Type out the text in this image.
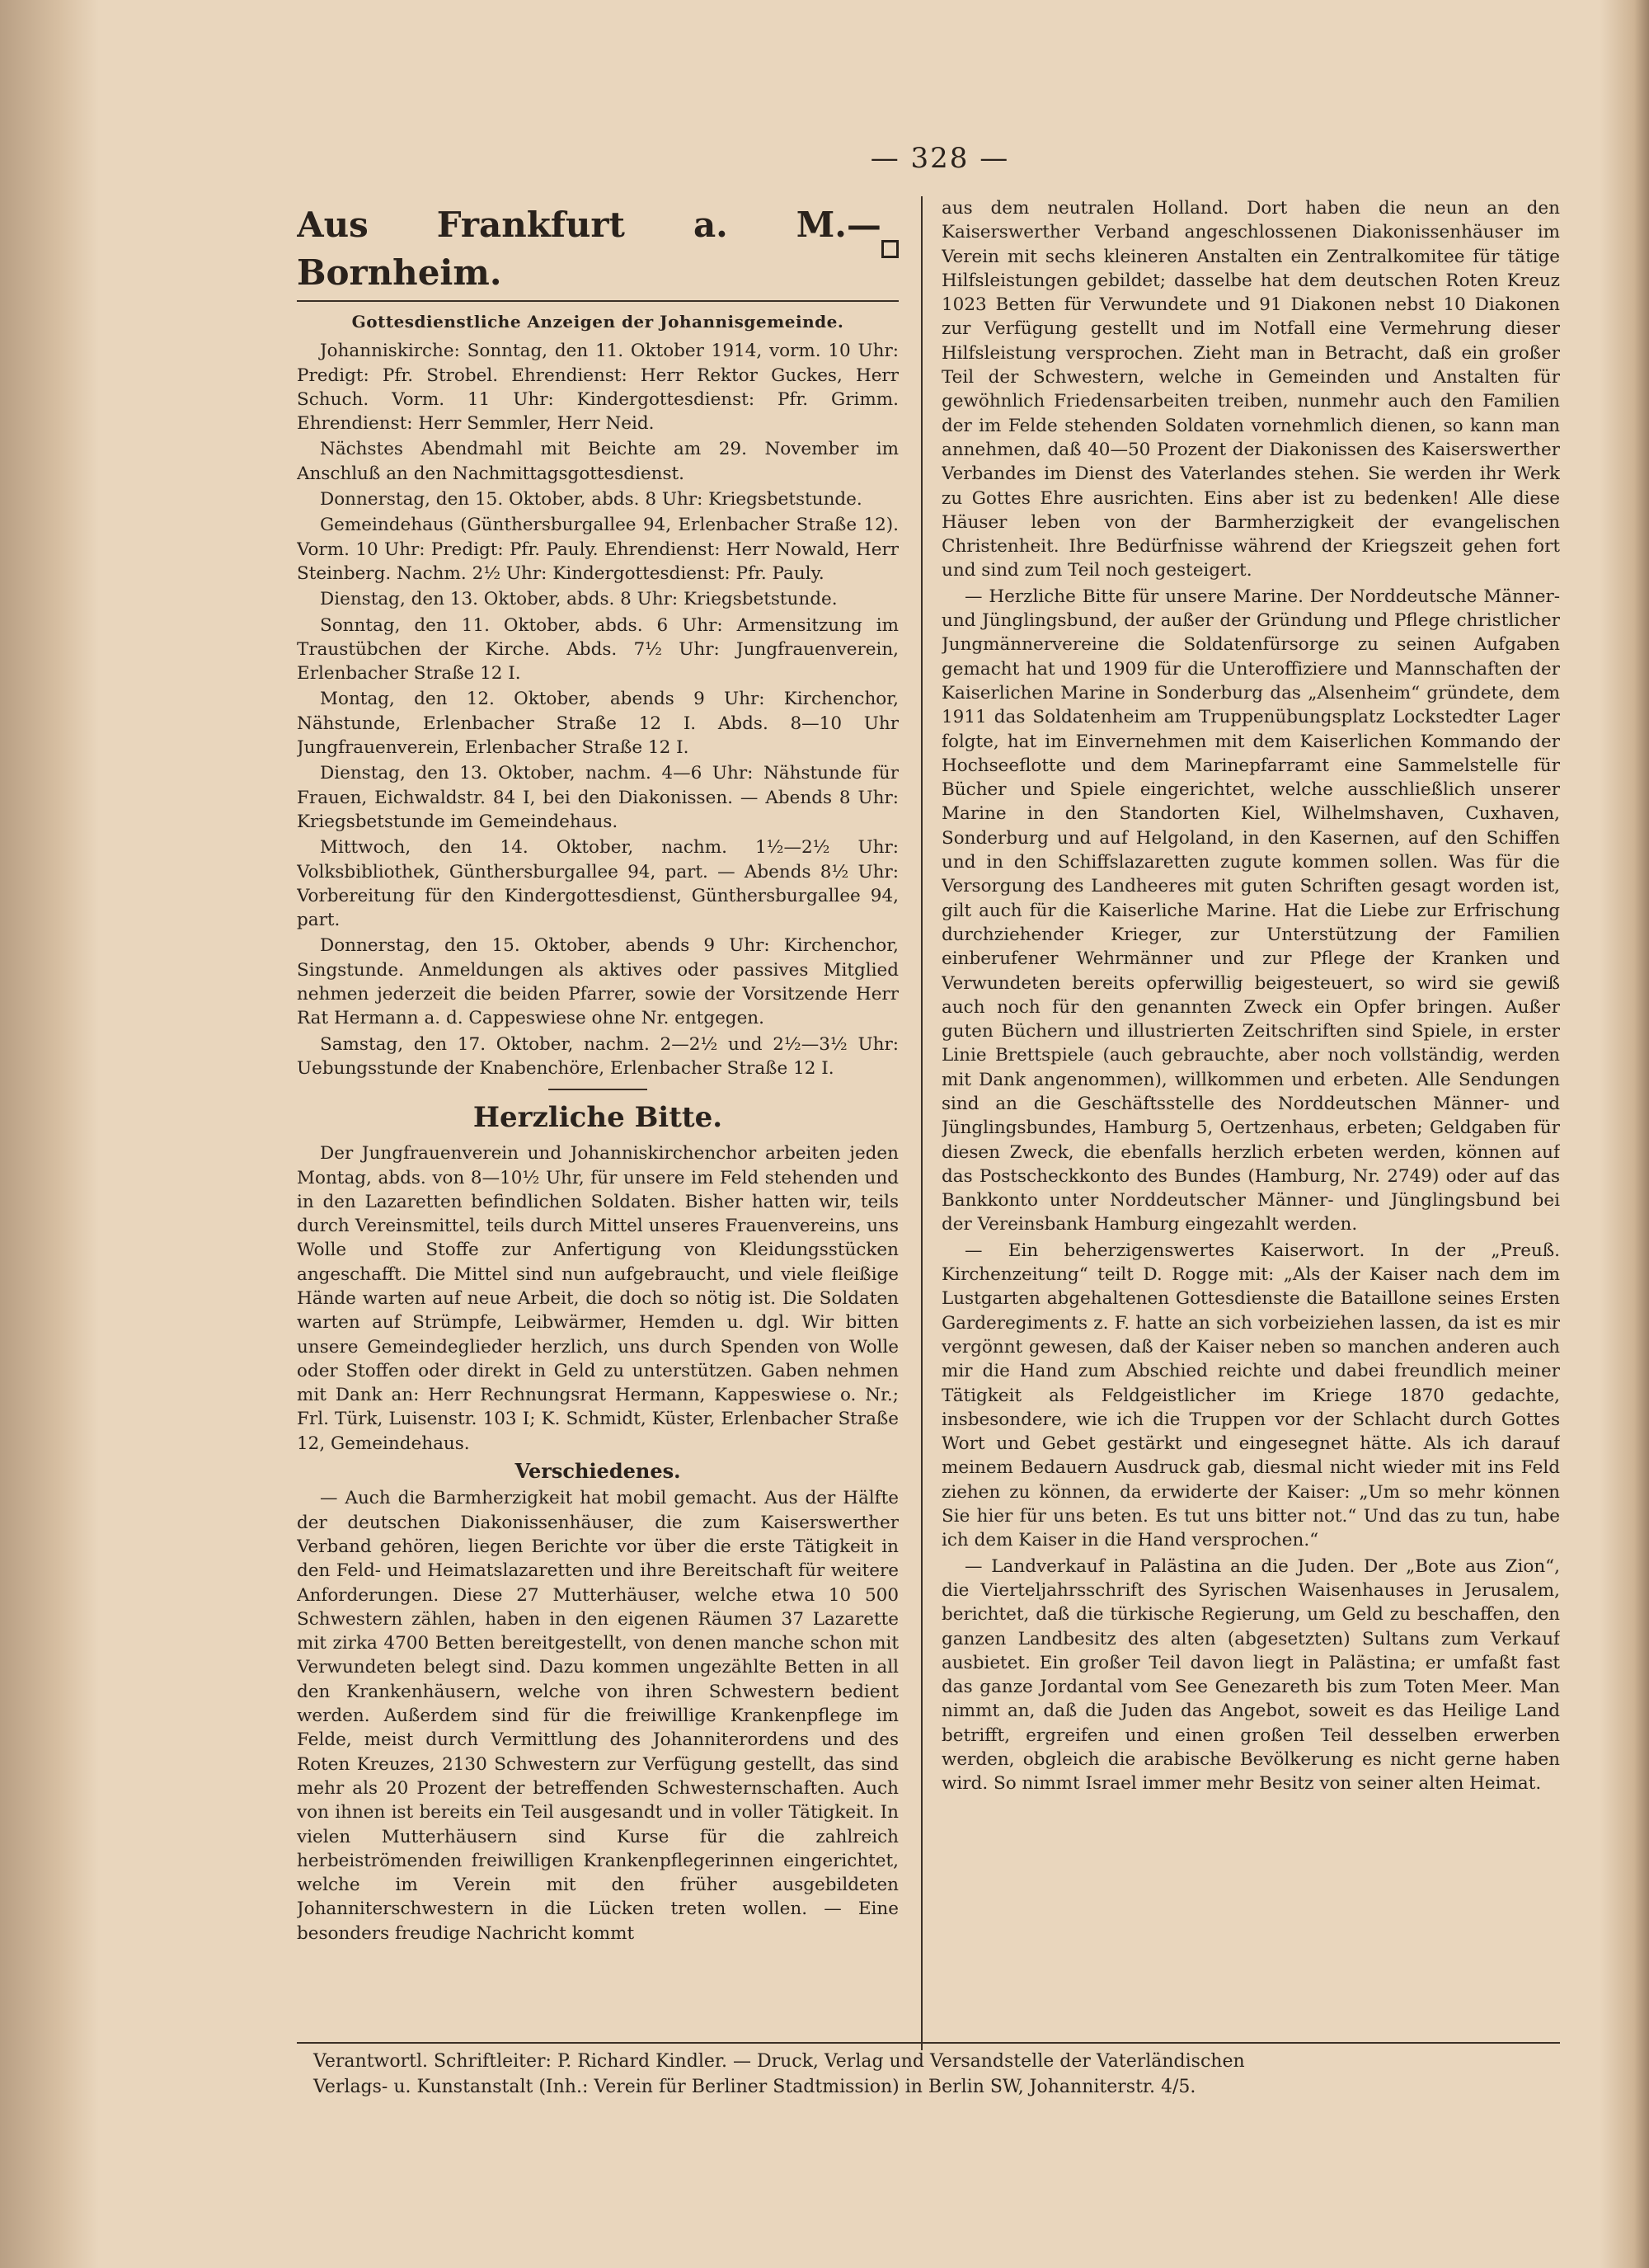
— 328 —
Aus Frankfurt a. M.—Bornheim.
Gottesdienstliche Anzeigen der Johannisgemeinde.

Johanniskirche: Sonntag, den 11. Oktober 1914, vorm. 10 Uhr: Predigt: Pfr. Strobel. Ehrendienst: Herr Rektor Guckes, Herr Schuch. Vorm. 11 Uhr: Kindergottesdienst: Pfr. Grimm. Ehrendienst: Herr Semmler, Herr Neid.

Nächstes Abendmahl mit Beichte am 29. November im Anschluß an den Nachmittagsgottesdienst.

Donnerstag, den 15. Oktober, abds. 8 Uhr: Kriegsbetstunde.

Gemeindehaus (Günthersburgallee 94, Erlenbacher Straße 12). Vorm. 10 Uhr: Predigt: Pfr. Pauly. Ehrendienst: Herr Nowald, Herr Steinberg. Nachm. 2½ Uhr: Kindergottesdienst: Pfr. Pauly.

Dienstag, den 13. Oktober, abds. 8 Uhr: Kriegsbetstunde.

Sonntag, den 11. Oktober, abds. 6 Uhr: Armensitzung im Traustübchen der Kirche. Abds. 7½ Uhr: Jungfrauenverein, Erlenbacher Straße 12 I.

Montag, den 12. Oktober, abends 9 Uhr: Kirchenchor, Nähstunde, Erlenbacher Straße 12 I. Abds. 8—10 Uhr Jungfrauenverein, Erlenbacher Straße 12 I.

Dienstag, den 13. Oktober, nachm. 4—6 Uhr: Nähstunde für Frauen, Eichwaldstr. 84 I, bei den Diakonissen. — Abends 8 Uhr: Kriegsbetstunde im Gemeindehaus.

Mittwoch, den 14. Oktober, nachm. 1½—2½ Uhr: Volksbibliothek, Günthersburgallee 94, part. — Abends 8½ Uhr: Vorbereitung für den Kindergottesdienst, Günthersburgallee 94, part.

Donnerstag, den 15. Oktober, abends 9 Uhr: Kirchenchor, Singstunde. Anmeldungen als aktives oder passives Mitglied nehmen jederzeit die beiden Pfarrer, sowie der Vorsitzende Herr Rat Hermann a. d. Cappeswiese ohne Nr. entgegen.

Samstag, den 17. Oktober, nachm. 2—2½ und 2½—3½ Uhr: Uebungsstunde der Knabenchöre, Erlenbacher Straße 12 I.

Herzliche Bitte.

Der Jungfrauenverein und Johanniskirchenchor arbeiten jeden Montag, abds. von 8—10½ Uhr, für unsere im Feld stehenden und in den Lazaretten befindlichen Soldaten. Bisher hatten wir, teils durch Vereinsmittel, teils durch Mittel unseres Frauenvereins, uns Wolle und Stoffe zur Anfertigung von Kleidungsstücken angeschafft. Die Mittel sind nun aufgebraucht, und viele fleißige Hände warten auf neue Arbeit, die doch so nötig ist. Die Soldaten warten auf Strümpfe, Leibwärmer, Hemden u. dgl. Wir bitten unsere Gemeindeglieder herzlich, uns durch Spenden von Wolle oder Stoffen oder direkt in Geld zu unterstützen. Gaben nehmen mit Dank an: Herr Rechnungsrat Hermann, Kappeswiese o. Nr.; Frl. Türk, Luisenstr. 103 I; K. Schmidt, Küster, Erlenbacher Straße 12, Gemeindehaus.

Verschiedenes.

— Auch die Barmherzigkeit hat mobil gemacht. Aus der Hälfte der deutschen Diakonissenhäuser, die zum Kaiserswerther Verband gehören, liegen Berichte vor über die erste Tätigkeit in den Feld- und Heimatslazaretten und ihre Bereitschaft für weitere Anforderungen. Diese 27 Mutterhäuser, welche etwa 10 500 Schwestern zählen, haben in den eigenen Räumen 37 Lazarette mit zirka 4700 Betten bereitgestellt, von denen manche schon mit Verwundeten belegt sind. Dazu kommen ungezählte Betten in all den Krankenhäusern, welche von ihren Schwestern bedient werden. Außerdem sind für die freiwillige Krankenpflege im Felde, meist durch Vermittlung des Johanniterordens und des Roten Kreuzes, 2130 Schwestern zur Verfügung gestellt, das sind mehr als 20 Prozent der betreffenden Schwesternschaften. Auch von ihnen ist bereits ein Teil ausgesandt und in voller Tätigkeit. In vielen Mutterhäusern sind Kurse für die zahlreich herbeiströmenden freiwilligen Krankenpflegerinnen eingerichtet, welche im Verein mit den früher ausgebildeten Johanniterschwestern in die Lücken treten wollen. — Eine besonders freudige Nachricht kommt

aus dem neutralen Holland. Dort haben die neun an den Kaiserswerther Verband angeschlossenen Diakonissenhäuser im Verein mit sechs kleineren Anstalten ein Zentralkomitee für tätige Hilfsleistungen gebildet; dasselbe hat dem deutschen Roten Kreuz 1023 Betten für Verwundete und 91 Diakonen nebst 10 Diakonen zur Verfügung gestellt und im Notfall eine Vermehrung dieser Hilfsleistung versprochen. Zieht man in Betracht, daß ein großer Teil der Schwestern, welche in Gemeinden und Anstalten für gewöhnlich Friedensarbeiten treiben, nunmehr auch den Familien der im Felde stehenden Soldaten vornehmlich dienen, so kann man annehmen, daß 40—50 Prozent der Diakonissen des Kaiserswerther Verbandes im Dienst des Vaterlandes stehen. Sie werden ihr Werk zu Gottes Ehre ausrichten. Eins aber ist zu bedenken! Alle diese Häuser leben von der Barmherzigkeit der evangelischen Christenheit. Ihre Bedürfnisse während der Kriegszeit gehen fort und sind zum Teil noch gesteigert.

— Herzliche Bitte für unsere Marine. Der Norddeutsche Männer- und Jünglingsbund, der außer der Gründung und Pflege christlicher Jungmännervereine die Soldatenfürsorge zu seinen Aufgaben gemacht hat und 1909 für die Unteroffiziere und Mannschaften der Kaiserlichen Marine in Sonderburg das „Alsenheim“ gründete, dem 1911 das Soldatenheim am Truppenübungsplatz Lockstedter Lager folgte, hat im Einvernehmen mit dem Kaiserlichen Kommando der Hochseeflotte und dem Marinepfarramt eine Sammelstelle für Bücher und Spiele eingerichtet, welche ausschließlich unserer Marine in den Standorten Kiel, Wilhelmshaven, Cuxhaven, Sonderburg und auf Helgoland, in den Kasernen, auf den Schiffen und in den Schiffslazaretten zugute kommen sollen. Was für die Versorgung des Landheeres mit guten Schriften gesagt worden ist, gilt auch für die Kaiserliche Marine. Hat die Liebe zur Erfrischung durchziehender Krieger, zur Unterstützung der Familien einberufener Wehrmänner und zur Pflege der Kranken und Verwundeten bereits opferwillig beigesteuert, so wird sie gewiß auch noch für den genannten Zweck ein Opfer bringen. Außer guten Büchern und illustrierten Zeitschriften sind Spiele, in erster Linie Brettspiele (auch gebrauchte, aber noch vollständig, werden mit Dank angenommen), willkommen und erbeten. Alle Sendungen sind an die Geschäftsstelle des Norddeutschen Männer- und Jünglingsbundes, Hamburg 5, Oertzenhaus, erbeten; Geldgaben für diesen Zweck, die ebenfalls herzlich erbeten werden, können auf das Postscheckkonto des Bundes (Hamburg, Nr. 2749) oder auf das Bankkonto unter Norddeutscher Männer- und Jünglingsbund bei der Vereinsbank Hamburg eingezahlt werden.

— Ein beherzigenswertes Kaiserwort. In der „Preuß. Kirchenzeitung“ teilt D. Rogge mit: „Als der Kaiser nach dem im Lustgarten abgehaltenen Gottesdienste die Bataillone seines Ersten Garderegiments z. F. hatte an sich vorbeiziehen lassen, da ist es mir vergönnt gewesen, daß der Kaiser neben so manchen anderen auch mir die Hand zum Abschied reichte und dabei freundlich meiner Tätigkeit als Feldgeistlicher im Kriege 1870 gedachte, insbesondere, wie ich die Truppen vor der Schlacht durch Gottes Wort und Gebet gestärkt und eingesegnet hätte. Als ich darauf meinem Bedauern Ausdruck gab, diesmal nicht wieder mit ins Feld ziehen zu können, da erwiderte der Kaiser: „Um so mehr können Sie hier für uns beten. Es tut uns bitter not.“ Und das zu tun, habe ich dem Kaiser in die Hand versprochen.“

— Landverkauf in Palästina an die Juden. Der „Bote aus Zion“, die Vierteljahrsschrift des Syrischen Waisenhauses in Jerusalem, berichtet, daß die türkische Regierung, um Geld zu beschaffen, den ganzen Landbesitz des alten (abgesetzten) Sultans zum Verkauf ausbietet. Ein großer Teil davon liegt in Palästina; er umfaßt fast das ganze Jordantal vom See Genezareth bis zum Toten Meer. Man nimmt an, daß die Juden das Angebot, soweit es das Heilige Land betrifft, ergreifen und einen großen Teil desselben erwerben werden, obgleich die arabische Bevölkerung es nicht gerne haben wird. So nimmt Israel immer mehr Besitz von seiner alten Heimat.

Verantwortl. Schriftleiter: P. Richard Kindler. — Druck, Verlag und Versandstelle der Vaterländischen
Verlags- u. Kunstanstalt (Inh.: Verein für Berliner Stadtmission) in Berlin SW, Johanniterstr. 4/5.
